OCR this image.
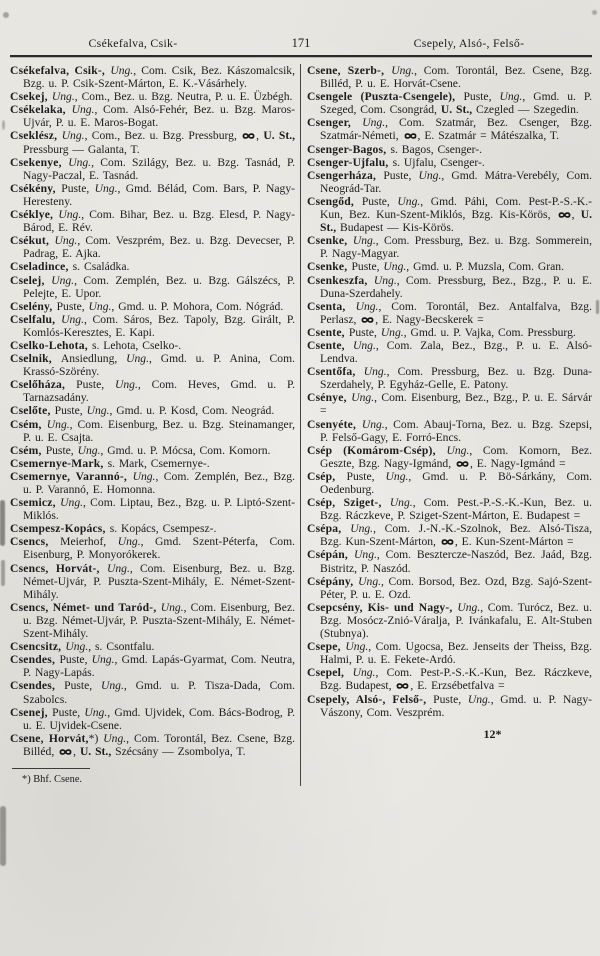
Csékefalva, Csik-	171	Csepely, Alsó-, Felső-

Csékefalva, Csik-, Ung., Com. Csik, Bez. Kászomalcsik, Bzg. u. P. Csik-Szent-Márton, E. K.-Vásárhely.

Csekej, Ung., Com., Bez. u. Bzg. Neutra, P. u. E. Üzbégh.

Csékelaka, Ung., Com. Alsó-Fehér, Bez. u. Bzg. Maros-Ujvár, P. u. E. Maros-Bogat.

Cseklész, Ung., Com., Bez. u. Bzg. Pressburg, , U. St., Pressburg — Galanta, T.

Csekenye, Ung., Com. Szilágy, Bez. u. Bzg. Tasnád, P. Nagy-Paczal, E. Tasnád.

Csékény, Puste, Ung., Gmd. Bélád, Com. Bars, P. Nagy-Heresteny.

Cséklye, Ung., Com. Bihar, Bez. u. Bzg. Elesd, P. Nagy-Bárod, E. Rév.

Csékut, Ung., Com. Veszprém, Bez. u. Bzg. Devecser, P. Padrag, E. Ajka.

Cseladince, s. Családka.

Cselej, Ung., Com. Zemplén, Bez. u. Bzg. Gálszécs, P. Pelejte, E. Upor.

Cselény, Puste, Ung., Gmd. u. P. Mohora, Com. Nógrád.

Cselfalu, Ung., Com. Sáros, Bez. Tapoly, Bzg. Girált, P. Komlós-Keresztes, E. Kapi.

Cselko-Lehota, s. Lehota, Cselko-.

Cselnik, Ansiedlung, Ung., Gmd. u. P. Anina, Com. Krassó-Szörény.

Cselőháza, Puste, Ung., Com. Heves, Gmd. u. P. Tarnazsadány.

Cselőte, Puste, Ung., Gmd. u. P. Kosd, Com. Neográd.

Csém, Ung., Com. Eisenburg, Bez. u. Bzg. Steinamanger, P. u. E. Csajta.

Csém, Puste, Ung., Gmd. u. P. Mócsa, Com. Komorn.

Csemernye-Mark, s. Mark, Csemernye-.

Csemernye, Varannó-, Ung., Com. Zemplén, Bez., Bzg. u. P. Varannó, E. Homonna.

Csemicz, Ung., Com. Liptau, Bez., Bzg. u. P. Liptó-Szent-Miklós.

Csempesz-Kopács, s. Kopács, Csempesz-.

Csencs, Meierhof, Ung., Gmd. Szent-Péterfa, Com. Eisenburg, P. Monyorókerek.

Csencs, Horvát-, Ung., Com. Eisenburg, Bez. u. Bzg. Német-Ujvár, P. Puszta-Szent-Mihály, E. Német-Szent-Mihály.

Csencs, Német- und Taród-, Ung., Com. Eisenburg, Bez. u. Bzg. Német-Ujvár, P. Puszta-Szent-Mihály, E. Német-Szent-Mihály.

Csencsitz, Ung., s. Csontfalu.

Csendes, Puste, Ung., Gmd. Lapás-Gyarmat, Com. Neutra, P. Nagy-Lapás.

Csendes, Puste, Ung., Gmd. u. P. Tisza-Dada, Com. Szabolcs.

Csenej, Puste, Ung., Gmd. Ujvidek, Com. Bács-Bodrog, P. u. E. Ujvidek-Csene.

Csene, Horvát,*) Ung., Com. Torontál, Bez. Csene, Bzg. Billéd, , U. St., Szécsány — Zsombolya, T.

*) Bhf. Csene.

Csene, Szerb-, Ung., Com. Torontál, Bez. Csene, Bzg. Billéd, P. u. E. Horvát-Csene.

Csengele (Puszta-Csengele), Puste, Ung., Gmd. u. P. Szeged, Com. Csongrád, U. St., Czegled — Szegedin.

Csenger, Ung., Com. Szatmár, Bez. Csenger, Bzg. Szatmár-Németi, , E. Szatmár = Mátészalka, T.

Csenger-Bagos, s. Bagos, Csenger-.

Csenger-Ujfalu, s. Ujfalu, Csenger-.

Csengerháza, Puste, Ung., Gmd. Mátra-Verebély, Com. Neográd-Tar.

Csengőd, Puste, Ung., Gmd. Páhi, Com. Pest-P.-S.-K.-Kun, Bez. Kun-Szent-Miklós, Bzg. Kis-Körös, , U. St., Budapest — Kis-Körös.

Csenke, Ung., Com. Pressburg, Bez. u. Bzg. Sommerein, P. Nagy-Magyar.

Csenke, Puste, Ung., Gmd. u. P. Muzsla, Com. Gran.

Csenkeszfa, Ung., Com. Pressburg, Bez., Bzg., P. u. E. Duna-Szerdahely.

Csenta, Ung., Com. Torontál, Bez. Antalfalva, Bzg. Perlasz, , E. Nagy-Becskerek =

Csente, Puste, Ung., Gmd. u. P. Vajka, Com. Pressburg.

Csente, Ung., Com. Zala, Bez., Bzg., P. u. E. Alsó-Lendva.

Csentőfa, Ung., Com. Pressburg, Bez. u. Bzg. Duna-Szerdahely, P. Egyház-Gelle, E. Patony.

Csénye, Ung., Com. Eisenburg, Bez., Bzg., P. u. E. Sárvár =

Csenyéte, Ung., Com. Abauj-Torna, Bez. u. Bzg. Szepsi, P. Felső-Gagy, E. Forró-Encs.

Csép (Komárom-Csép), Ung., Com. Komorn, Bez. Geszte, Bzg. Nagy-Igmánd, , E. Nagy-Igmánd =

Csép, Puste, Ung., Gmd. u. P. Bö-Sárkány, Com. Oedenburg.

Csép, Sziget-, Ung., Com. Pest.-P.-S.-K.-Kun, Bez. u. Bzg. Ráczkeve, P. Sziget-Szent-Márton, E. Budapest =

Csépa, Ung., Com. J.-N.-K.-Szolnok, Bez. Alsó-Tisza, Bzg. Kun-Szent-Márton, , E. Kun-Szent-Márton =

Csépán, Ung., Com. Besztercze-Naszód, Bez. Jaád, Bzg. Bistritz, P. Naszód.

Csépány, Ung., Com. Borsod, Bez. Ozd, Bzg. Sajó-Szent-Péter, P. u. E. Ozd.

Csepcsény, Kis- und Nagy-, Ung., Com. Turócz, Bez. u. Bzg. Mosócz-Znió-Váralja, P. Ivánkafalu, E. Alt-Stuben (Stubnya).

Csepe, Ung., Com. Ugocsa, Bez. Jenseits der Theiss, Bzg. Halmi, P. u. E. Fekete-Ardó.

Csepel, Ung., Com. Pest-P.-S.-K.-Kun, Bez. Ráczkeve, Bzg. Budapest, , E. Erzsébetfalva =

Csepely, Alsó-, Felső-, Puste, Ung., Gmd. u. P. Nagy-Vászony, Com. Veszprém.

12*
